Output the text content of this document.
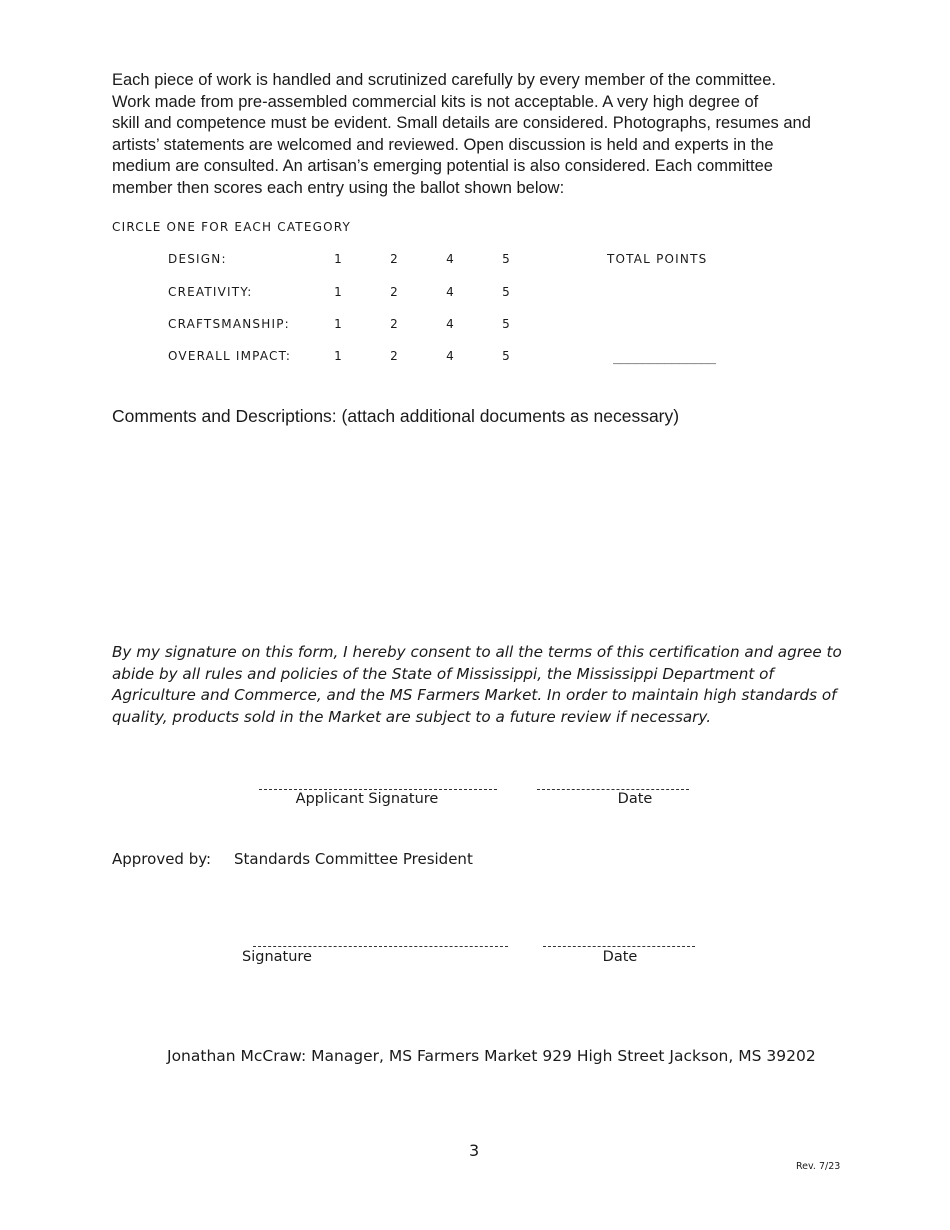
Each piece of work is handled and scrutinized carefully by every member of the committee.
Work made from pre-assembled commercial kits is not acceptable. A very high degree of
skill and competence must be evident. Small details are considered. Photographs, resumes and
artists’ statements are welcomed and reviewed. Open discussion is held and experts in the
medium are consulted. An artisan’s emerging potential is also considered. Each committee
member then scores each entry using the ballot shown below:
CIRCLE ONE FOR EACH CATEGORY
TOTAL POINTS
DESIGN:	1	2	4	5
CREATIVITY:	1	2	4	5
CRAFTSMANSHIP:	1	2	4	5
OVERALL IMPACT:	1	2	4	5	______________
Comments and Descriptions: (attach additional documents as necessary)
By my signature on this form, I hereby consent to all the terms of this certification and agree to
abide by all rules and policies of the State of Mississippi, the Mississippi Department of
Agriculture and Commerce, and the MS Farmers Market. In order to maintain high standards of
quality, products sold in the Market are subject to a future review if necessary.
Applicant Signature	Date
Approved by: Standards Committee President
Signature	Date
Jonathan McCraw: Manager, MS Farmers Market 929 High Street Jackson, MS 39202
3
Rev. 7/23
